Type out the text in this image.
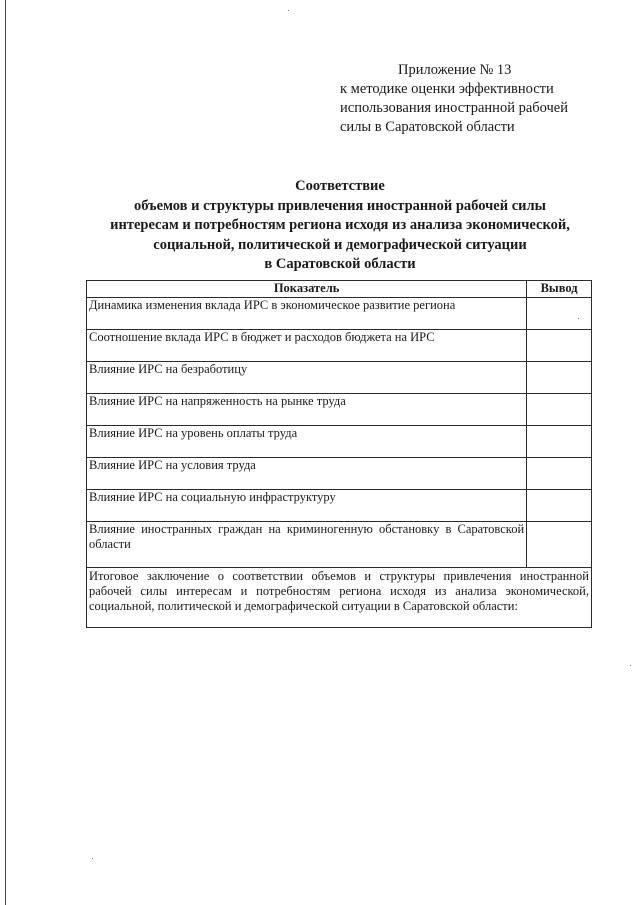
Приложение № 13
к методике оценки эффективности
использования иностранной рабочей
силы в Саратовской области
Соответствие
объемов и структуры привлечения иностранной рабочей силы
интересам и потребностям региона исходя из анализа экономической,
социальной, политической и демографической ситуации
в Саратовской области
Показатель	Вывод
Динамика изменения вклада ИРС в экономическое развитие региона	
Соотношение вклада ИРС в бюджет и расходов бюджета на ИРС	
Влияние ИРС на безработицу	
Влияние ИРС на напряженность на рынке труда	
Влияние ИРС на уровень оплаты труда	
Влияние ИРС на условия труда	
Влияние ИРС на социальную инфраструктуру	
Влияние иностранных граждан на криминогенную обстановку в Саратовской области	
Итоговое заключение о соответствии объемов и структуры привлечения иностранной рабочей силы интересам и потребностям региона исходя из анализа экономической, социальной, политической и демографической ситуации в Саратовской области:	
